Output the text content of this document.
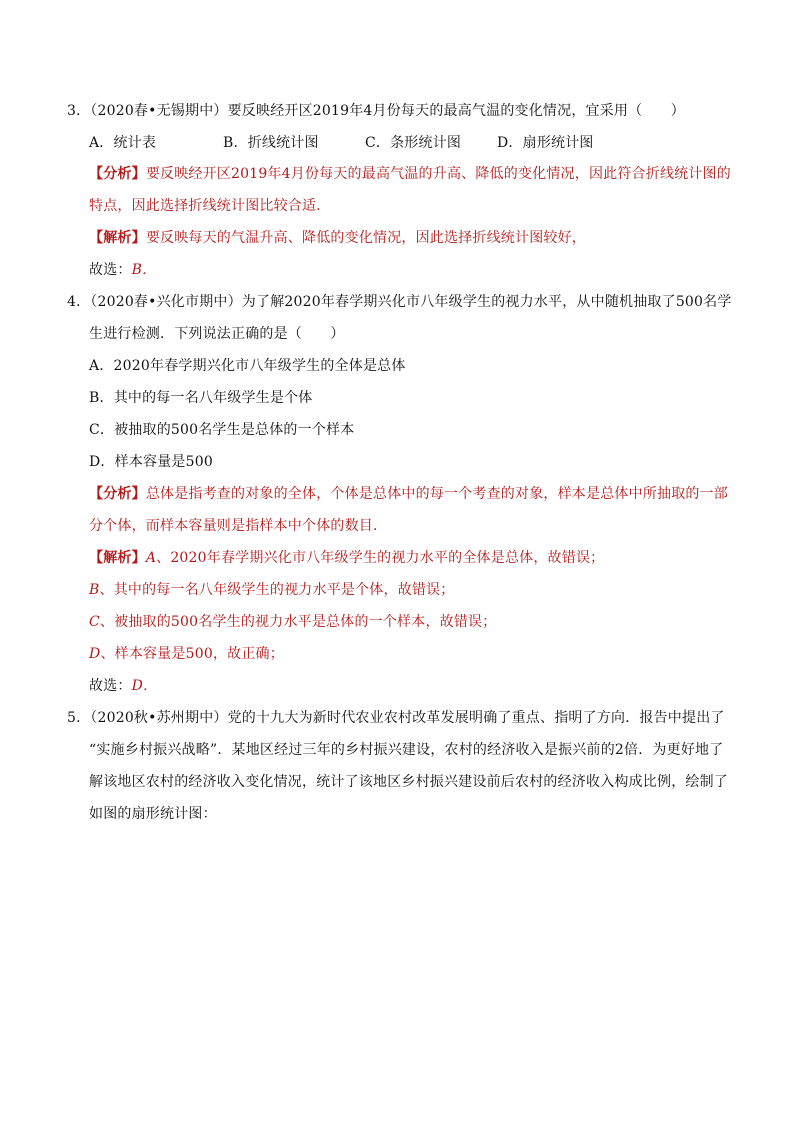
3．（2020春•无锡期中）要反映经开区2019年4月份每天的最高气温的变化情况，宜采用（　　）
A．统计表	B．折线统计图	C．条形统计图	D．扇形统计图
【分析】要反映经开区2019年4月份每天的最高气温的升高、降低的变化情况，因此符合折线统计图的
特点，因此选择折线统计图比较合适．
【解析】要反映每天的气温升高、降低的变化情况，因此选择折线统计图较好，
故选：B．
4．（2020春•兴化市期中）为了解2020年春学期兴化市八年级学生的视力水平，从中随机抽取了500名学
生进行检测．下列说法正确的是（　　）
A．2020年春学期兴化市八年级学生的全体是总体
B．其中的每一名八年级学生是个体
C．被抽取的500名学生是总体的一个样本
D．样本容量是500
【分析】总体是指考查的对象的全体，个体是总体中的每一个考查的对象，样本是总体中所抽取的一部
分个体，而样本容量则是指样本中个体的数目．
【解析】A、2020年春学期兴化市八年级学生的视力水平的全体是总体，故错误；
B、其中的每一名八年级学生的视力水平是个体，故错误；
C、被抽取的500名学生的视力水平是总体的一个样本，故错误；
D、样本容量是500，故正确；
故选：D．
5．（2020秋•苏州期中）党的十九大为新时代农业农村改革发展明确了重点、指明了方向．报告中提出了
“实施乡村振兴战略”．某地区经过三年的乡村振兴建设，农村的经济收入是振兴前的2倍．为更好地了
解该地区农村的经济收入变化情况，统计了该地区乡村振兴建设前后农村的经济收入构成比例，绘制了
如图的扇形统计图：
